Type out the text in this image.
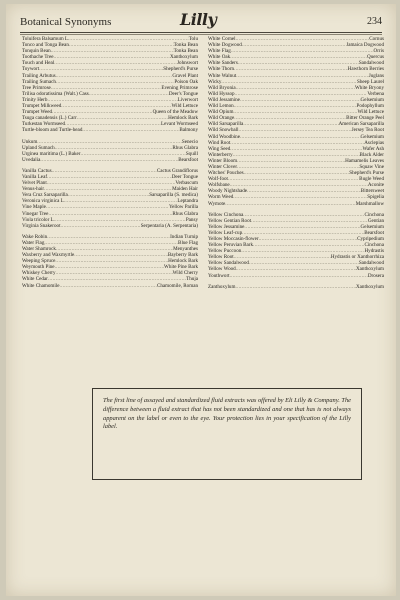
Botanical Synonyms	Lilly	234
Toluifera Balsamum L. .....	Tolu
Tonco and Tonga Bean .....	Tonka Bean
Tonquin Bean .....	Tonka Bean
Toothache Tree .....	Xanthoxylum
Touch and Heal .....	Johnswort
Toywort .....	Shepherd's Purse
Trailing Arbutus .....	Gravel Plant
Trailing Sumach .....	Poison Oak
Tree Primrose .....	Evening Primrose
Trilisa odoratissima (Walt.) Cass .....	Deer's Tongue
Trinity Herb .....	Liverwort
Trumpet Milkweed .....	Wild Lettuce
Trumpet Weed .....	Queen of the Meadow
Tsuga canadensis (L.) Carr .....	Hemlock Bark
Turkestan Wormseed .....	Levant Wormseed
Turtle-bloom and Turtle-head .....	Balmony
Unkum .....	Senecio
Upland Sumach .....	Rhus Glabra
Urginea maritima (L.) Baker .....	Squill
Uvedalia .....	Bearsfoot
Vanilla Cactus .....	Cactus Grandiflorus
Vanilla Leaf .....	Deer Tongue
Velvet Plant .....	Verbascum
Venus-hair .....	Maiden Hair
Vera Cruz Sarsaparilla .....	Sarsaparilla (S. medica)
Veronica virginica L .....	Leptandra
Vine Maple .....	Yellow Parilla
Vinegar Tree .....	Rhus Glabra
Viola tricolor L .....	Pansy
Virginia Snakeroot .....	Serpentaria (A. Serpentaria)
Wake Robin .....	Indian Turnip
Water Flag .....	Blue Flag
Water Shamrock .....	Menyanthes
Waxberry and Waxmyrtle .....	Bayberry Bark
Weeping Spruce .....	Hemlock Bark
Weymouth Pine .....	White Pine Bark
Whiskey Cherry .....	Wild Cherry
White Cedar .....	Thuja
White Chamomile .....	Chamomile, Roman
White Cornel .....	Cornus
White Dogwood .....	Jamaica Dogwood
White Flag .....	Orris
White Oak .....	Quercus
White Sanders .....	Sandalwood
White Thorn .....	Hawthorn Berries
White Walnut .....	Juglans
Wicky .....	Sheep Laurel
Wild Bryonia .....	White Bryony
Wild Hyssop .....	Verbena
Wild Jessamine .....	Gelsemium
Wild Lemon .....	Podophyllum
Wild Opium .....	Wild Lettuce
Wild Orange .....	Bitter Orange Peel
Wild Sarsaparilla .....	American Sarsaparilla
Wild Snowball .....	Jersey Tea Root
Wild Woodbine .....	Gelsemium
Wind Root .....	Asclepias
Wing Seed .....	Wafer Ash
Winterberry .....	Black Alder
Winter Bloom .....	Hamamelis Leaves
Winter Clover .....	Squaw Vine
Witches' Pouches .....	Shepherd's Purse
Wolf-foot .....	Bugle Weed
Wolfsbane .....	Aconite
Woody Nightshade .....	Bittersweet
Worm Weed .....	Spigelia
Wymote .....	Marshmallow
Yellow Cinchona .....	Cinchona
Yellow Gentian Root .....	Gentian
Yellow Jessamine .....	Gelsemium
Yellow Leaf-cup .....	Bearsfoot
Yellow Moccasin-flower .....	Cypripedium
Yellow Peruvian Bark .....	Cinchona
Yellow Puccoon .....	Hydrastis
Yellow Root .....	Hydrastis or Xanthorrhiza
Yellow Sandalwood .....	Sandalwood
Yellow Wood .....	Xanthoxylum
Youthwort .....	Drosera
Zanthoxylum .....	Xanthoxylum
The first line of assayed and standardized fluid extracts was offered by Eli Lilly & Company. The difference between a fluid extract that has not been standardized and one that has is not always apparent on the label or even to the eye. Your protection lies in your specification of the Lilly label.
